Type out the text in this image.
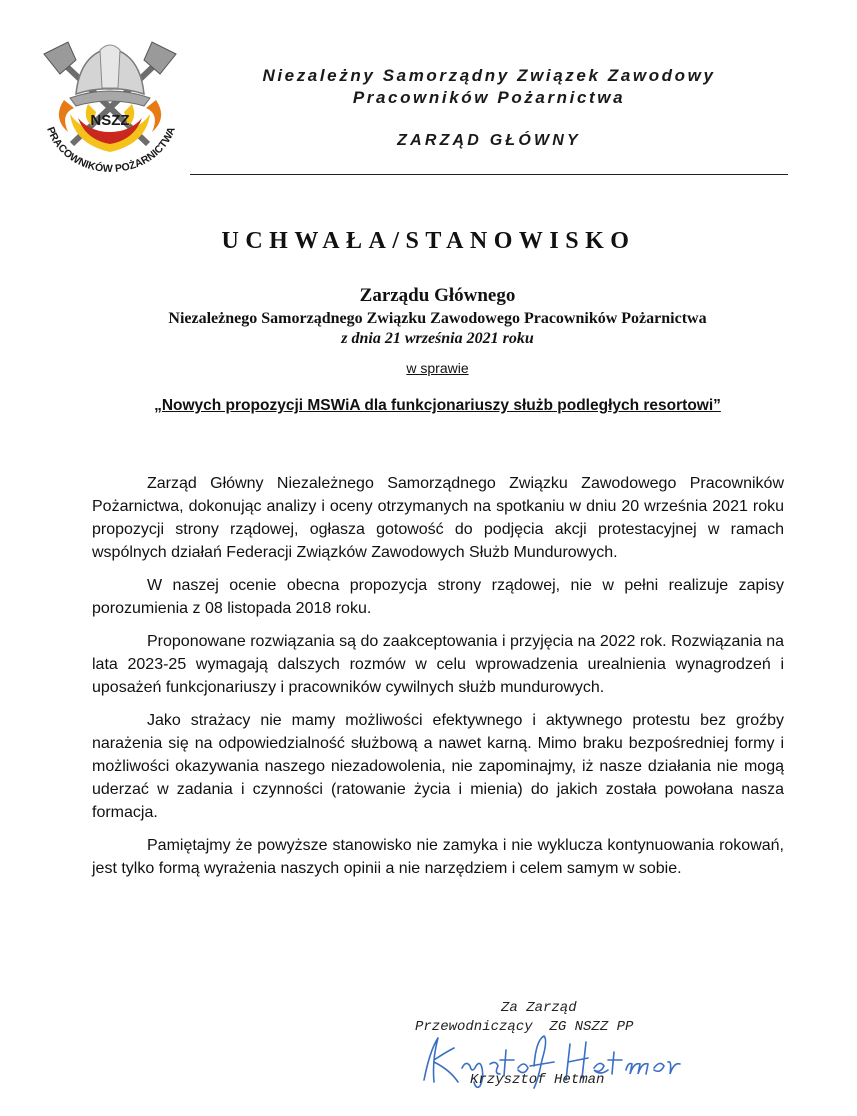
NSZZ
PRACOWNIKÓW POŻARNICTWA
Niezależny Samorządny Związek Zawodowy
Pracowników Pożarnictwa
ZARZĄD GŁÓWNY
UCHWAŁA/STANOWISKO
Zarządu Głównego
Niezależnego Samorządnego Związku Zawodowego Pracowników Pożarnictwa
z dnia 21 września 2021 roku
w sprawie
„Nowych propozycji MSWiA dla funkcjonariuszy służb podległych resortowi”

Zarząd Główny Niezależnego Samorządnego Związku Zawodowego Pracowników Pożarnictwa, dokonując analizy i oceny otrzymanych na spotkaniu w dniu 20 września 2021 roku propozycji strony rządowej, ogłasza gotowość do podjęcia akcji protestacyjnej w ramach wspólnych działań Federacji Związków Zawodowych Służb Mundurowych.

W naszej ocenie obecna propozycja strony rządowej, nie w pełni realizuje zapisy porozumienia z 08 listopada 2018 roku.

Proponowane rozwiązania są do zaakceptowania i przyjęcia na 2022 rok. Rozwiązania na lata 2023-25 wymagają dalszych rozmów w celu wprowadzenia urealnienia wynagrodzeń i uposażeń funkcjonariuszy i pracowników cywilnych służb mundurowych.

Jako strażacy nie mamy możliwości efektywnego i aktywnego protestu bez groźby narażenia się na odpowiedzialność służbową a nawet karną. Mimo braku bezpośredniej formy i możliwości okazywania naszego niezadowolenia, nie zapominajmy, iż nasze działania nie mogą uderzać w zadania i czynności (ratowanie życia i mienia) do jakich została powołana nasza formacja.

Pamiętajmy że powyższe stanowisko nie zamyka i nie wyklucza kontynuowania rokowań, jest tylko formą wyrażenia naszych opinii a nie narzędziem i celem samym w sobie.

Za Zarząd
Przewodniczący  ZG NSZZ PP
Krzysztof Hetman
